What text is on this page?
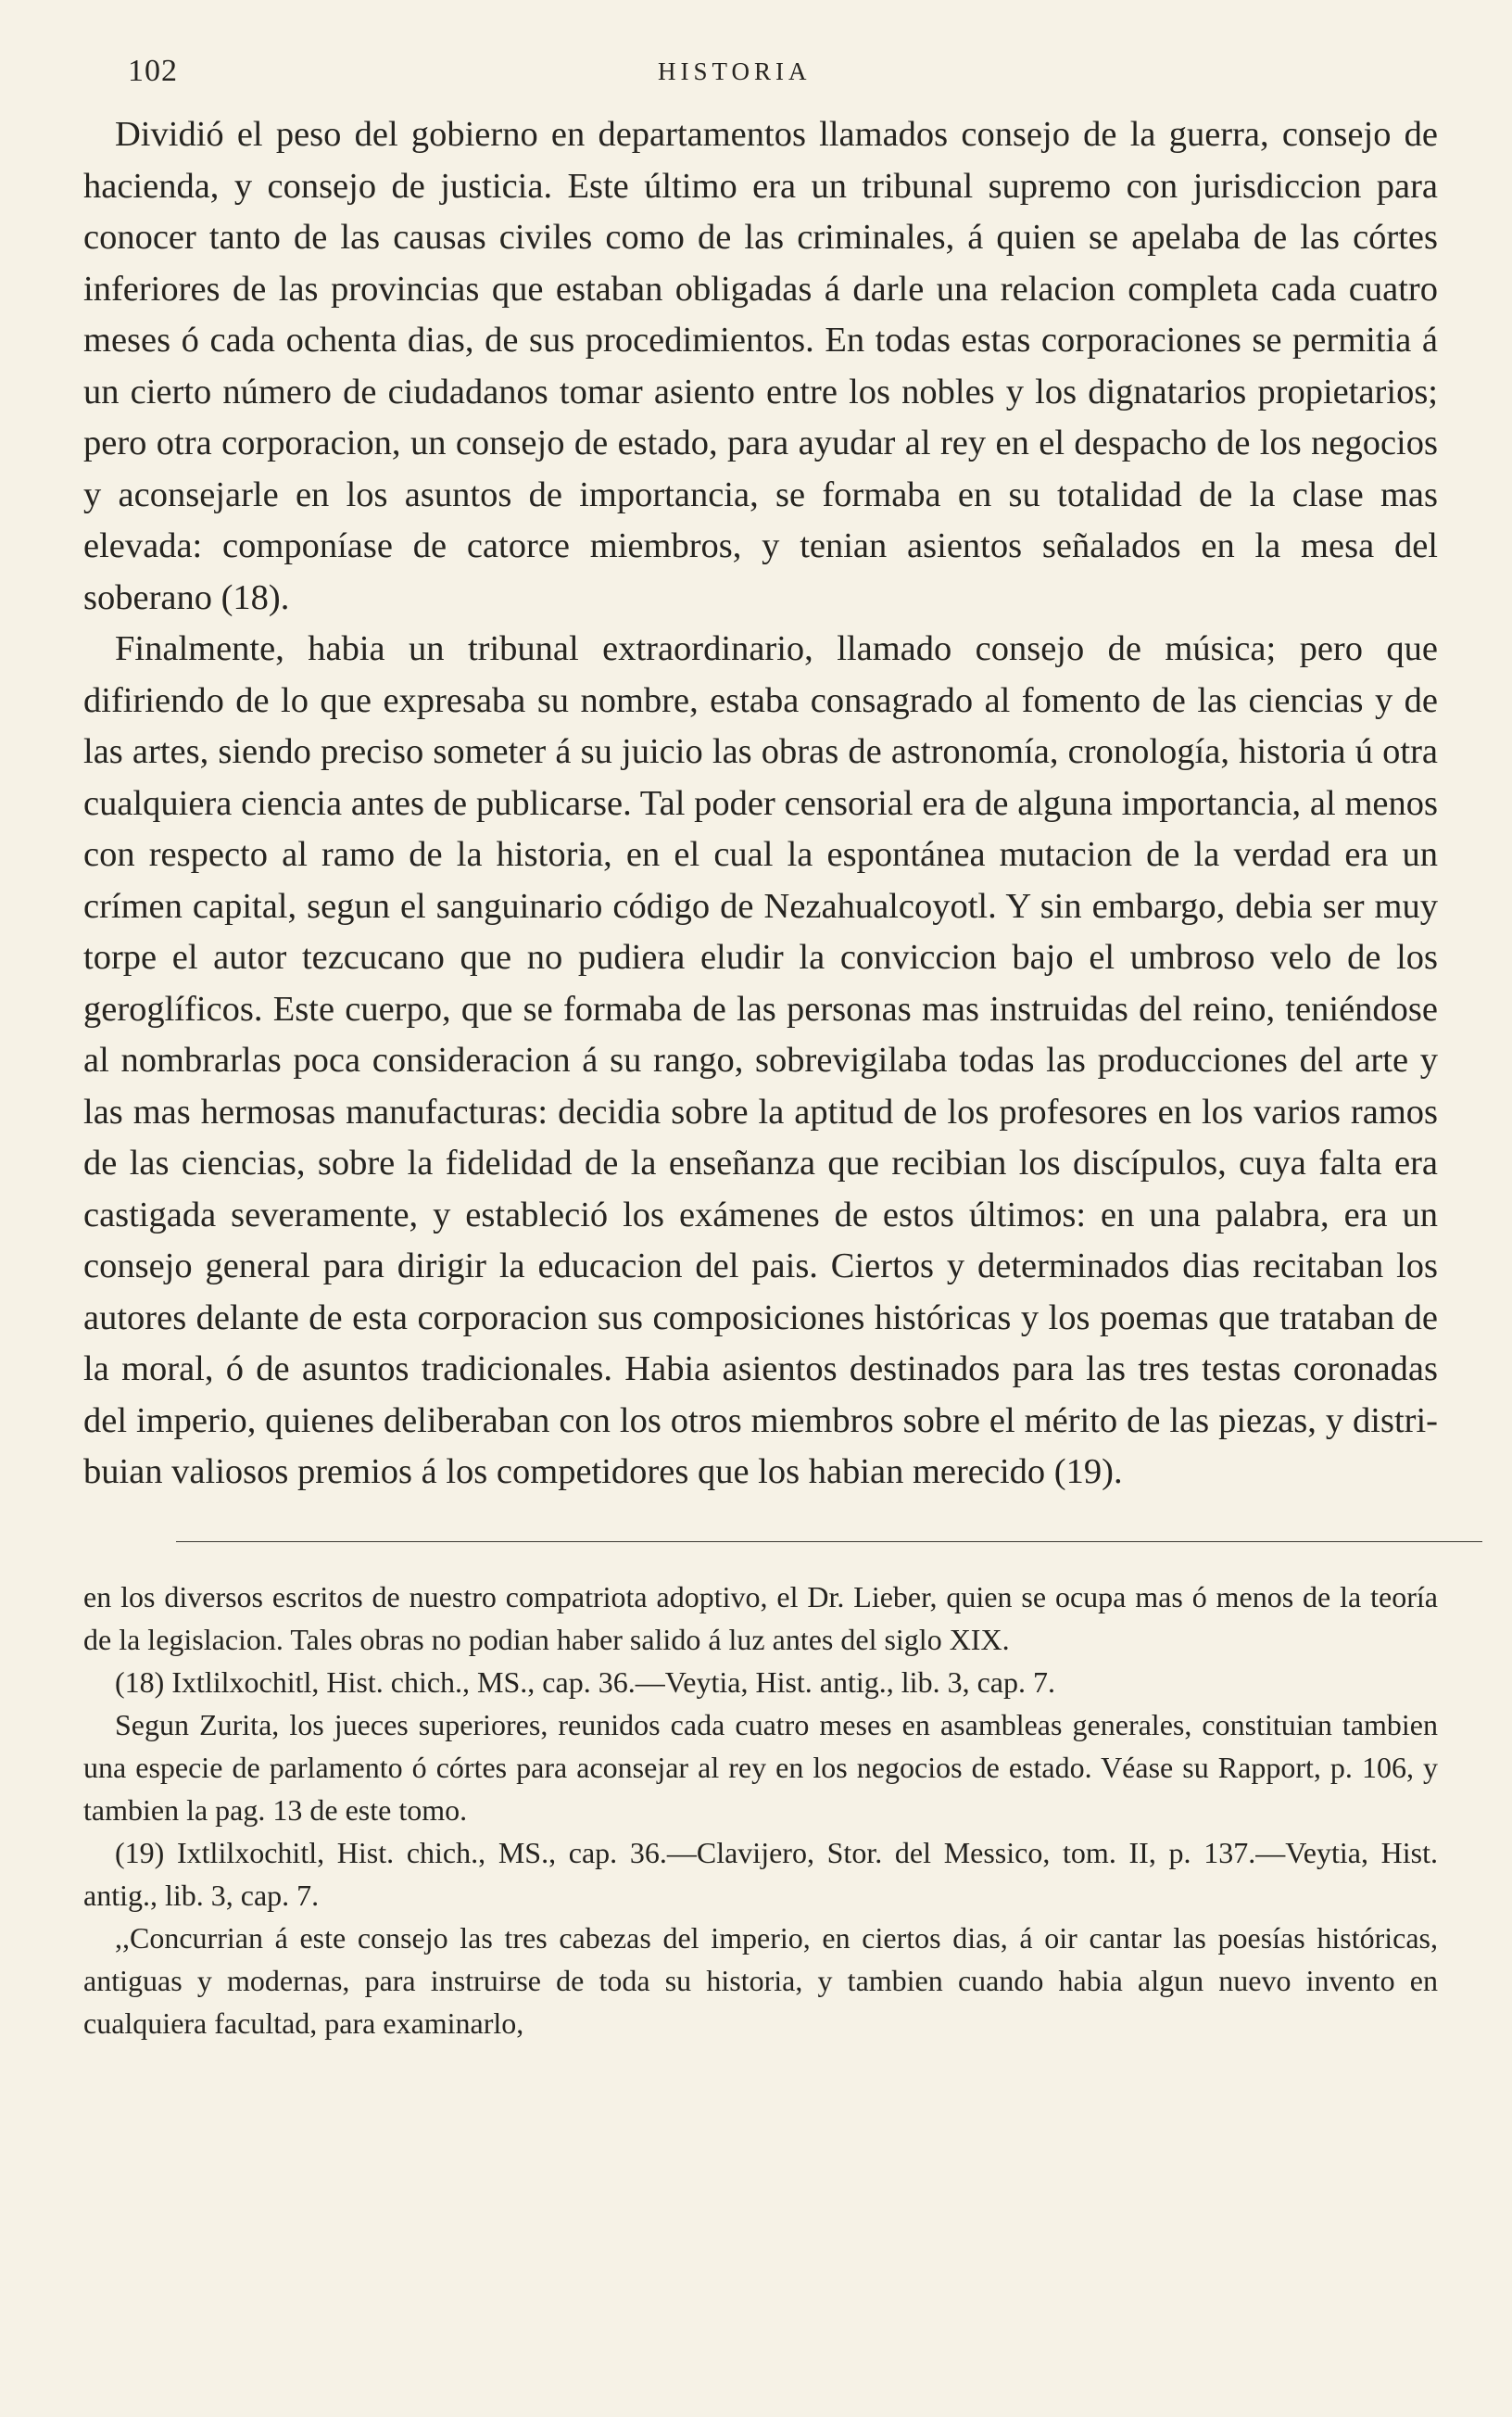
102	HISTORIA

Dividió el peso del gobierno en departamentos llamados consejo de la guerra, consejo de hacienda, y consejo de justicia. Este último era un tribunal supremo con jurisdiccion para conocer tanto de las causas civiles como de las criminales, á quien se apelaba de las córtes inferiores de las provincias que estaban obligadas á darle una relacion completa cada cuatro meses ó cada ochenta dias, de sus procedimientos. En todas estas corporaciones se permitia á un cierto número de ciudadanos tomar asiento entre los nobles y los dignatarios propietarios; pero otra corporacion, un consejo de estado, para ayudar al rey en el despacho de los negocios y aconsejarle en los asuntos de importancia, se formaba en su totalidad de la clase mas elevada: componíase de catorce miembros, y tenian asientos señalados en la mesa del soberano (18).

Finalmente, habia un tribunal extraordinario, llamado consejo de música; pero que difiriendo de lo que expresaba su nombre, estaba consagrado al fomento de las ciencias y de las artes, siendo preciso someter á su juicio las obras de astronomía, cronología, historia ú otra cualquiera ciencia antes de publicarse. Tal poder censorial era de alguna importancia, al menos con respecto al ramo de la historia, en el cual la espontánea mutacion de la verdad era un crímen capital, segun el sanguinario código de Nezahualcoyotl. Y sin embargo, debia ser muy torpe el autor tezcucano que no pudiera eludir la conviccion bajo el umbroso velo de los geroglíficos. Este cuerpo, que se formaba de las personas mas instruidas del reino, teniéndose al nombrarlas poca consideracion á su rango, sobrevigilaba todas las producciones del arte y las mas hermosas manufacturas: decidia sobre la aptitud de los profesores en los varios ramos de las ciencias, sobre la fidelidad de la enseñanza que recibian los discípulos, cuya falta era castigada severamente, y estableció los exámenes de estos últimos: en una palabra, era un consejo general para dirigir la educacion del pais. Ciertos y determinados dias recitaban los autores delante de esta corporacion sus composiciones históricas y los poemas que trataban de la moral, ó de asuntos tradicionales. Habia asientos destinados para las tres testas coronadas del imperio, quienes deliberaban con los otros miembros sobre el mérito de las piezas, y distribuian valiosos premios á los competidores que los habian merecido (19).

en los diversos escritos de nuestro compatriota adoptivo, el Dr. Lieber, quien se ocupa mas ó menos de la teoría de la legislacion. Tales obras no podian haber salido á luz antes del siglo XIX.

(18) Ixtlilxochitl, Hist. chich., MS., cap. 36.—Veytia, Hist. antig., lib. 3, cap. 7.

Segun Zurita, los jueces superiores, reunidos cada cuatro meses en asambleas generales, constituian tambien una especie de parlamento ó córtes para aconsejar al rey en los negocios de estado. Véase su Rapport, p. 106, y tambien la pag. 13 de este tomo.

(19) Ixtlilxochitl, Hist. chich., MS., cap. 36.—Clavijero, Stor. del Messico, tom. II, p. 137.—Veytia, Hist. antig., lib. 3, cap. 7.

,,Concurrian á este consejo las tres cabezas del imperio, en ciertos dias, á oir cantar las poesías históricas, antiguas y modernas, para instruirse de toda su historia, y tambien cuando habia algun nuevo invento en cualquiera facultad, para examinarlo,
